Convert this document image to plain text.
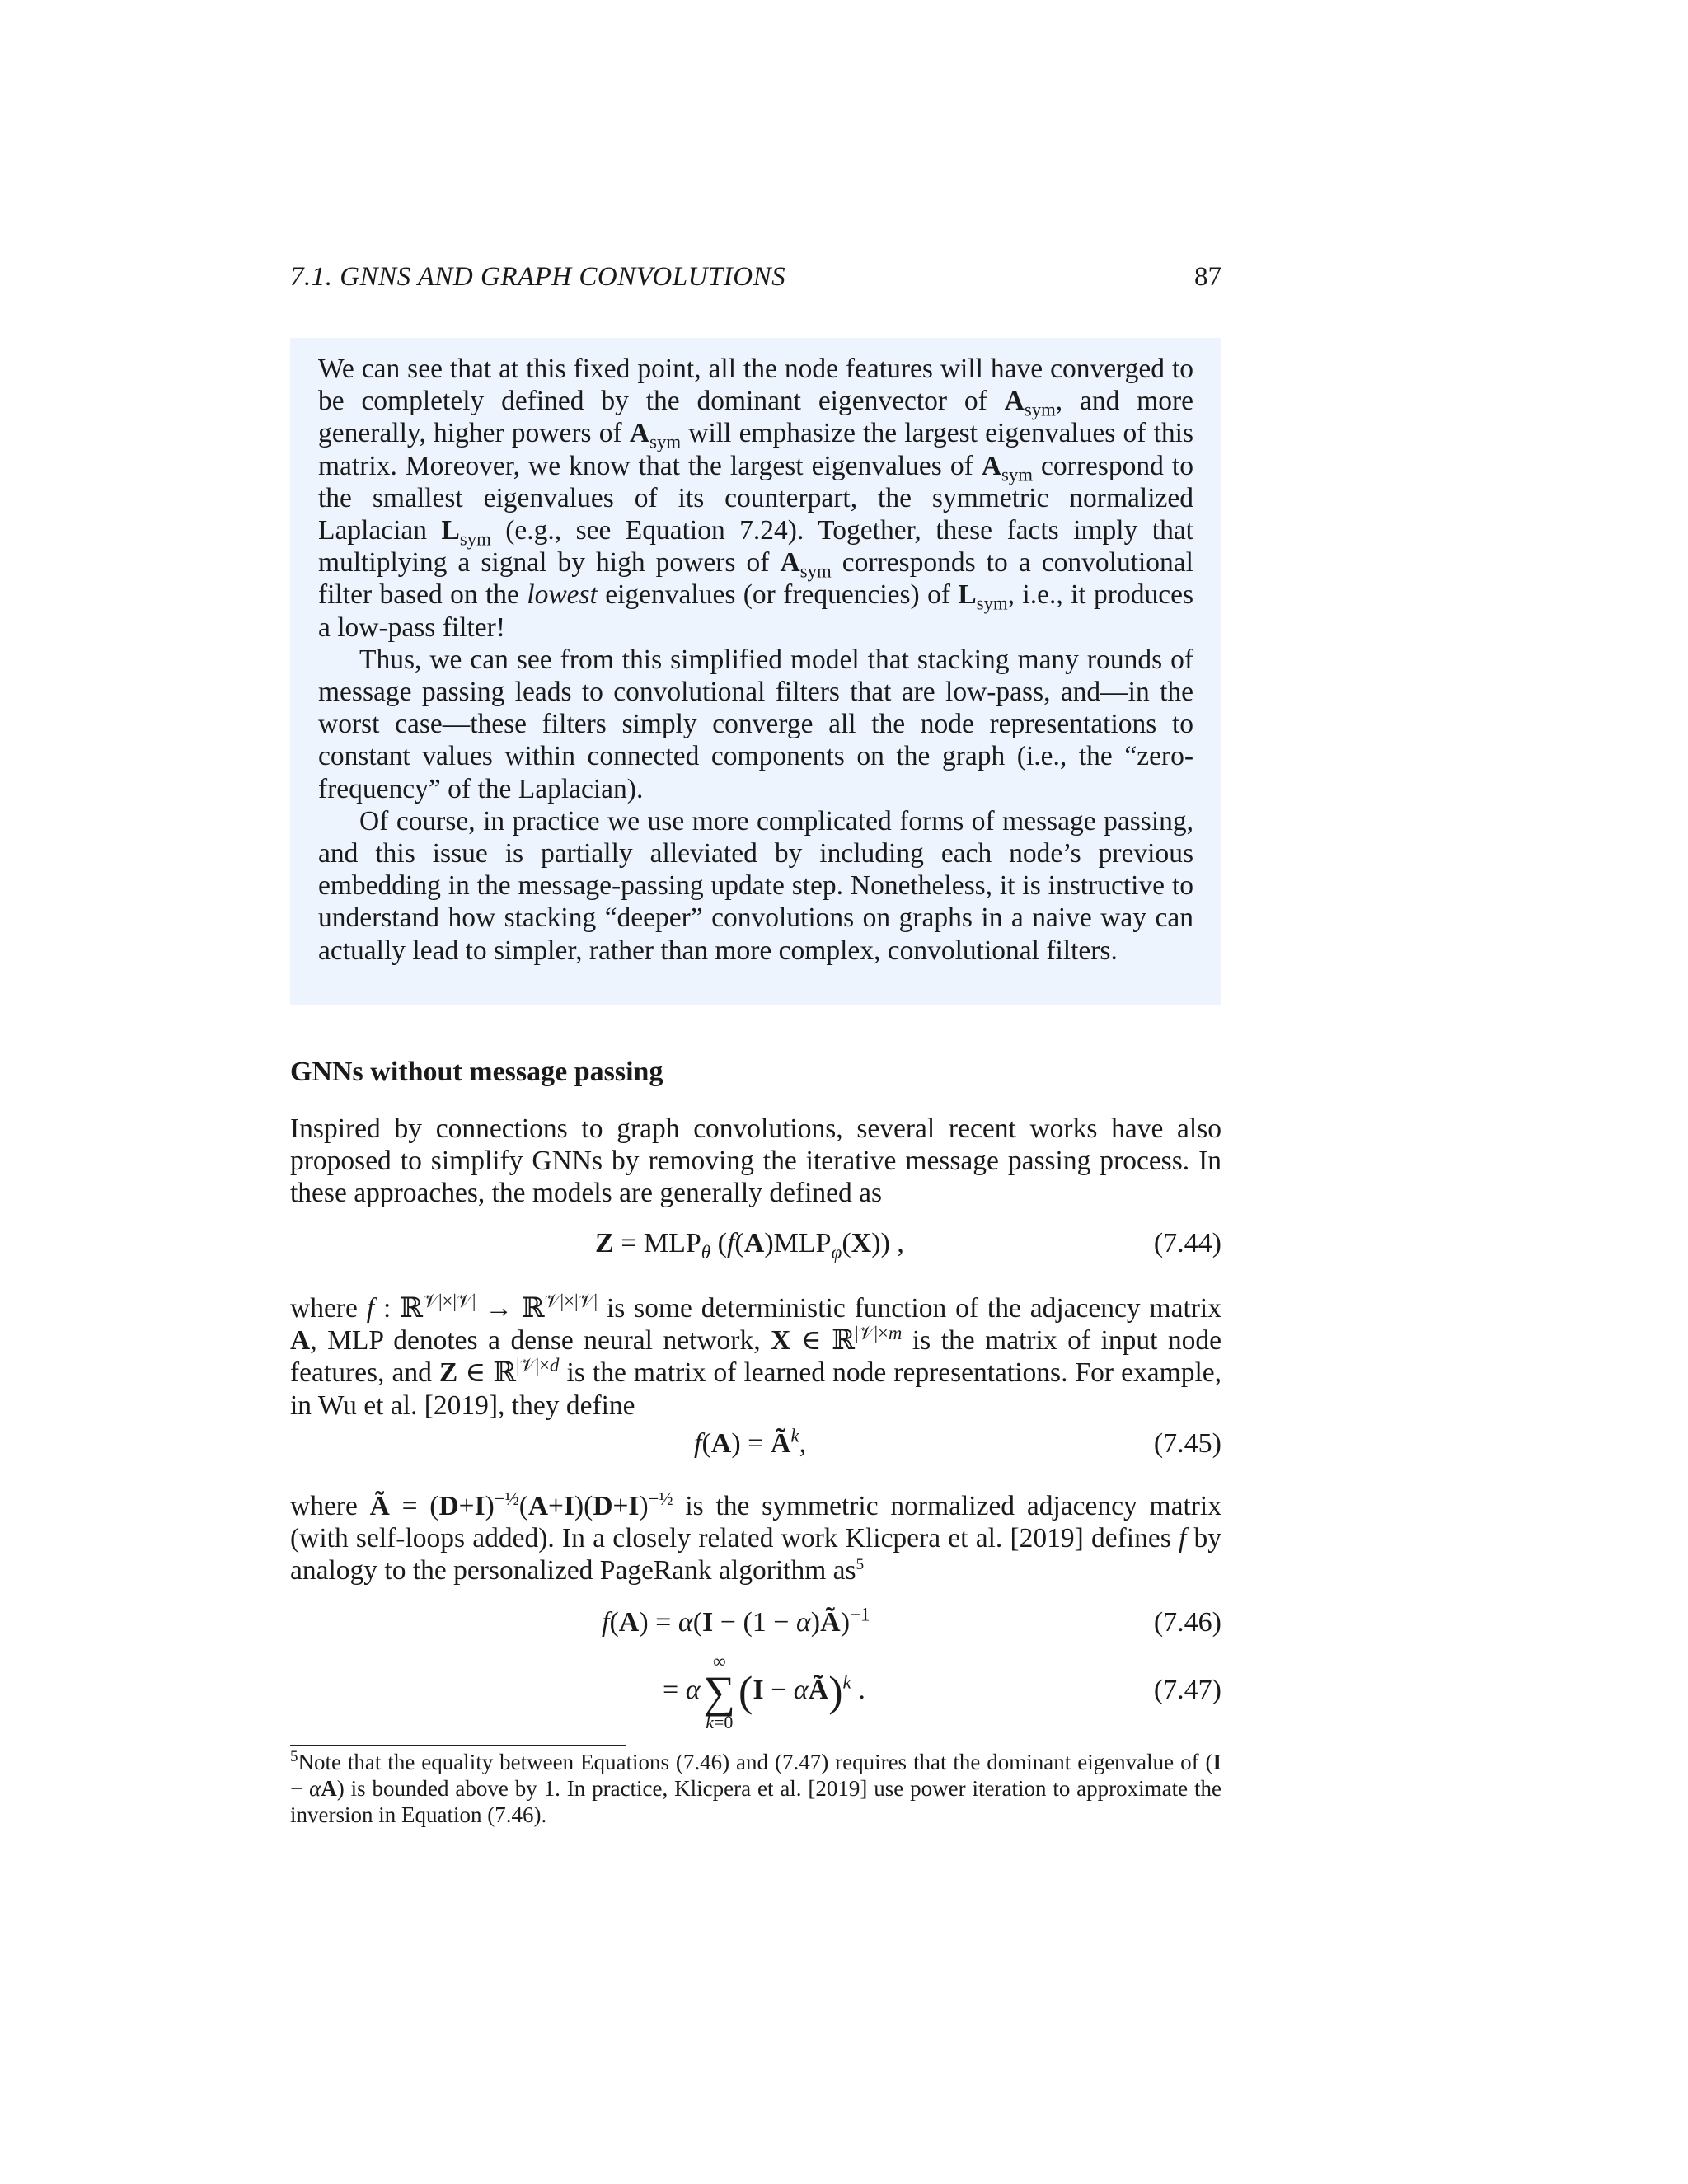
7.1. GNNS AND GRAPH CONVOLUTIONS	87

We can see that at this fixed point, all the node features will have converged to be completely defined by the dominant eigenvector of $A_{sym}$, and more generally, higher powers of $A_{sym}$ will emphasize the largest eigenvalues of this matrix. Moreover, we know that the largest eigenvalues of $A_{sym}$ correspond to the smallest eigenvalues of its counterpart, the symmetric normalized Laplacian $L_{sym}$ (e.g., see Equation 7.24). Together, these facts imply that multiplying a signal by high powers of $A_{sym}$ corresponds to a convolutional filter based on the lowest eigenvalues (or frequencies) of $L_{sym}$, i.e., it produces a low-pass filter!

Thus, we can see from this simplified model that stacking many rounds of message passing leads to convolutional filters that are low-pass, and—in the worst case—these filters simply converge all the node representations to constant values within connected components on the graph (i.e., the “zero-frequency” of the Laplacian).

Of course, in practice we use more complicated forms of message passing, and this issue is partially alleviated by including each node’s previous embedding in the message-passing update step. Nonetheless, it is instructive to understand how stacking “deeper” convolutions on graphs in a naive way can actually lead to simpler, rather than more complex, convolutional filters.

GNNs without message passing

Inspired by connections to graph convolutions, several recent works have also proposed to simplify GNNs by removing the iterative message passing process. In these approaches, the models are generally defined as

$Z = MLP_\theta$ $(f(A)MLP_\varphi(X))$ ,	(7.44)

where f : ℝ$^{𝒱|\times|𝒱|}$ → ℝ$^{𝒱|\times|𝒱|}$ is some deterministic function of the adjacency matrix A, MLP denotes a dense neural network, X ∈ ℝ$^{|𝒱|\times m}$ is the matrix of input node features, and Z ∈ ℝ$^{|𝒱|\times d}$ is the matrix of learned node representations. For example, in Wu et al. [2019], they define

$f(A) = Ã^k$,	(7.45)

where Ã = $(D+I)^{-\frac{1}{2}}(A+I)(D+I)^{-\frac{1}{2}}$ is the symmetric normalized adjacency matrix (with self-loops added). In a closely related work Klicpera et al. [2019] defines f by analogy to the personalized PageRank algorithm as$^5$

f(A) = α(I − (1 − α)Ã)$^{-1}$	(7.46)
= α
∞
∑
k=0
(I − αÃ)$^k$ .	(7.47)

$^5$Note that the equality between Equations (7.46) and (7.47) requires that the dominant eigenvalue of (I − αA) is bounded above by 1. In practice, Klicpera et al. [2019] use power iteration to approximate the inversion in Equation (7.46).
